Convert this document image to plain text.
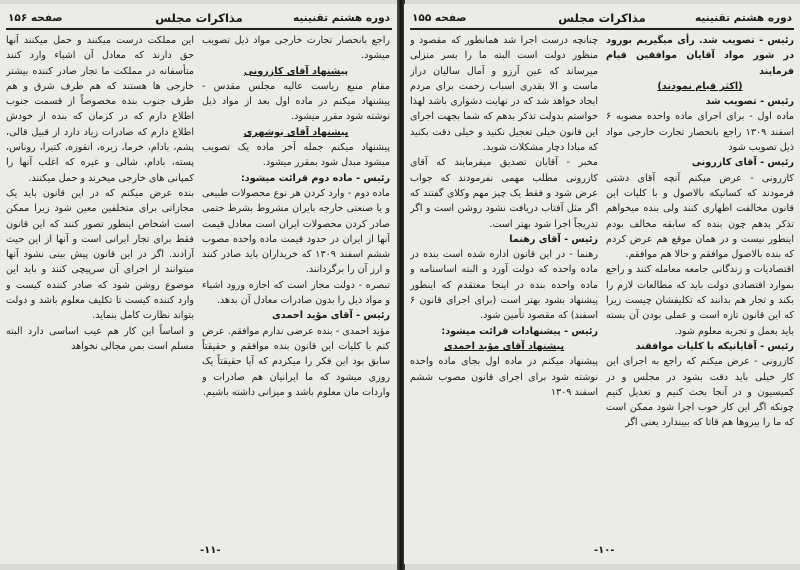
دوره هشتم تقنینیه
مذاکرات مجلس
صفحه ۱۵۶

راجع بانحصار تجارت خارجی مواد ذیل تصویب میشود.

پیشنهاد آقای کازرونی

مقام منیع ریاست عالیه مجلس مقدس - پیشنهاد میکنم در ماده اول بعد از مواد ذیل نوشته شود مقرر میشود.

پیشنهاد آقای بوشهری

پیشنهاد میکنم جمله آخر ماده یک تصویب میشود مبدل شود بمقرر میشود.

رئیس - ماده دوم قرائت میشود:

ماده دوم - وارد کردن هر نوع محصولات طبیعی و یا صنعتی خارجه بایران مشروط بشرط حتمی صادر کردن محصولات ایران است معادل قیمت آنها از ایران در حدود قیمت ماده واحده مصوب ششم اسفند ۱۳۰۹ که خریداران باید صادر کنند و ارز آن را برگردانند.

تبصره - دولت مجاز است که اجازه ورود اشیاء و مواد ذیل را بدون صادرات معادل آن بدهد.

رئیس - آقای مؤید احمدی

مؤید احمدی - بنده عرضی ندارم موافقم. عرض کنم با کلیات این قانون بنده موافقم و حقیقتاً سابق بود این فکر را میکردم که آیا حقیقتاً یک روزی میشود که ما ایرانیان هم صادرات و واردات مان معلوم باشد و میزانی داشته باشیم.

این مملکت درست میکنند و حمل میکنند آنها حق دارند که معادل آن اشیاء وارد کنند متأسفانه در مملکت ما تجار صادر کننده بیشتر خارجی ها هستند که هم طرف شرق و هم طرف جنوب بنده مخصوصاً از قسمت جنوب اطلاع دارم که در کرمان که بنده از خودش اطلاع دارم که صادرات زیاد دارد از قبیل قالی، پشم، بادام، خرما، زیره، انقوزه، کتیرا، روناس، پسته، بادام، شالی و غیره که اغلب آنها را کمپانی های خارجی میخرند و حمل میکنند.

بنده عرض میکنم که در این قانون باید یک مجازاتی برای متخلفین معین شود زیرا ممکن است اشخاص اینطور تصور کنند که این قانون فقط برای تجار ایرانی است و آنها از این حیث آزادند. اگر در این قانون پیش بینی نشود آنها میتوانند از اجرای آن سرپیچی کنند و باید این موضوع روشن شود که صادر کننده کیست و وارد کننده کیست تا تکلیف معلوم باشد و دولت بتواند نظارت کامل بنماید.

و اساساً این کار هم عیب اساسی دارد البته مسلم است بمن مجالی نخواهد

-۱۱-
دوره هشتم تقنینیه
مذاکرات مجلس
صفحه ۱۵۵

رئیس - تصویب شد. رأی میگیریم بورود در شور مواد آقایان موافقین قیام فرمایند

(اکثر قیام نمودند)

رئیس - تصویب شد

ماده اول - برای اجرای ماده واحده مصوبه ۶ اسفند ۱۳۰۹ راجع بانحصار تجارت خارجی مواد ذیل تصویب شود

رئیس - آقای کازرونی

کازرونی - عرض میکنم آنچه آقای دشتی فرمودند که کسانیکه بالاصول و با کلیات این قانون مخالفت اظهاری کنند ولی بنده میخواهم تذکر بدهم چون بنده که سابقه مخالف بودم اینطور نیست و در همان موقع هم عرض کردم که بنده بالاصول موافقم و حالا هم موافقم.

اقتصادیات و زندگانی جامعه معامله کنند و راجع بموارد اقتصادی دولت باید که مطالعات لازم را بکند و تجار هم بدانند که تکلیفشان چیست زیرا که این قانون تازه است و عملی بودن آن بسته باید بعمل و تجربه معلوم شود.

رئیس - آقایانیکه با کلیات موافقند

کازرونی - عرض میکنم که راجع به اجرای این کار خیلی باید دقت بشود در مجلس و در کمیسیون و در آنجا بحث کنیم و تعدیل کنیم چونکه اگر این کار خوب اجرا شود ممکن است که ما را بیروها هم قاتا که ببیندارد یعنی اگر

چنانچه درست اجرا شد همانطور که مقصود و منظور دولت است البته ما را بسر منزلی میرساند که عین آرزو و آمال سالیان دراز ماست و الا بقدری اسباب زحمت برای مردم ایجاد خواهد شد که در نهایت دشواری باشد لهذا خواستم بدولت تذکر بدهم که شما بجهت اجرای این قانون خیلی تعجیل نکنید و خیلی دقت بکنید که مبادا دچار مشکلات شوید.

مخبر - آقایان تصدیق میفرمایند که آقای کازرونی مطلب مهمی نفرمودند که جواب عرض شود و فقط یک چیز مهم وکلای گفتند که اگر مثل آفتاب دریافت نشود روشن است و اگر تدریجاً اجرا شود بهتر است.

رئیس - آقای رهنما

رهنما - در این قانون اداره شده است بنده در ماده واحده که دولت آورد و البته اساسنامه و ماده واحده بنده در اینجا معتقدم که اینطور پیشنهاد بشود بهتر است (برای اجرای قانون ۶ اسفند) که مقصود تأمین شود.

رئیس - پیشنهادات قرائت میشود:

پیشنهاد آقای مؤید احمدی

پیشنهاد میکنم در ماده اول بجای ماده واحده نوشته شود برای اجرای قانون مصوب ششم اسفند ۱۳۰۹

-۱۰-
